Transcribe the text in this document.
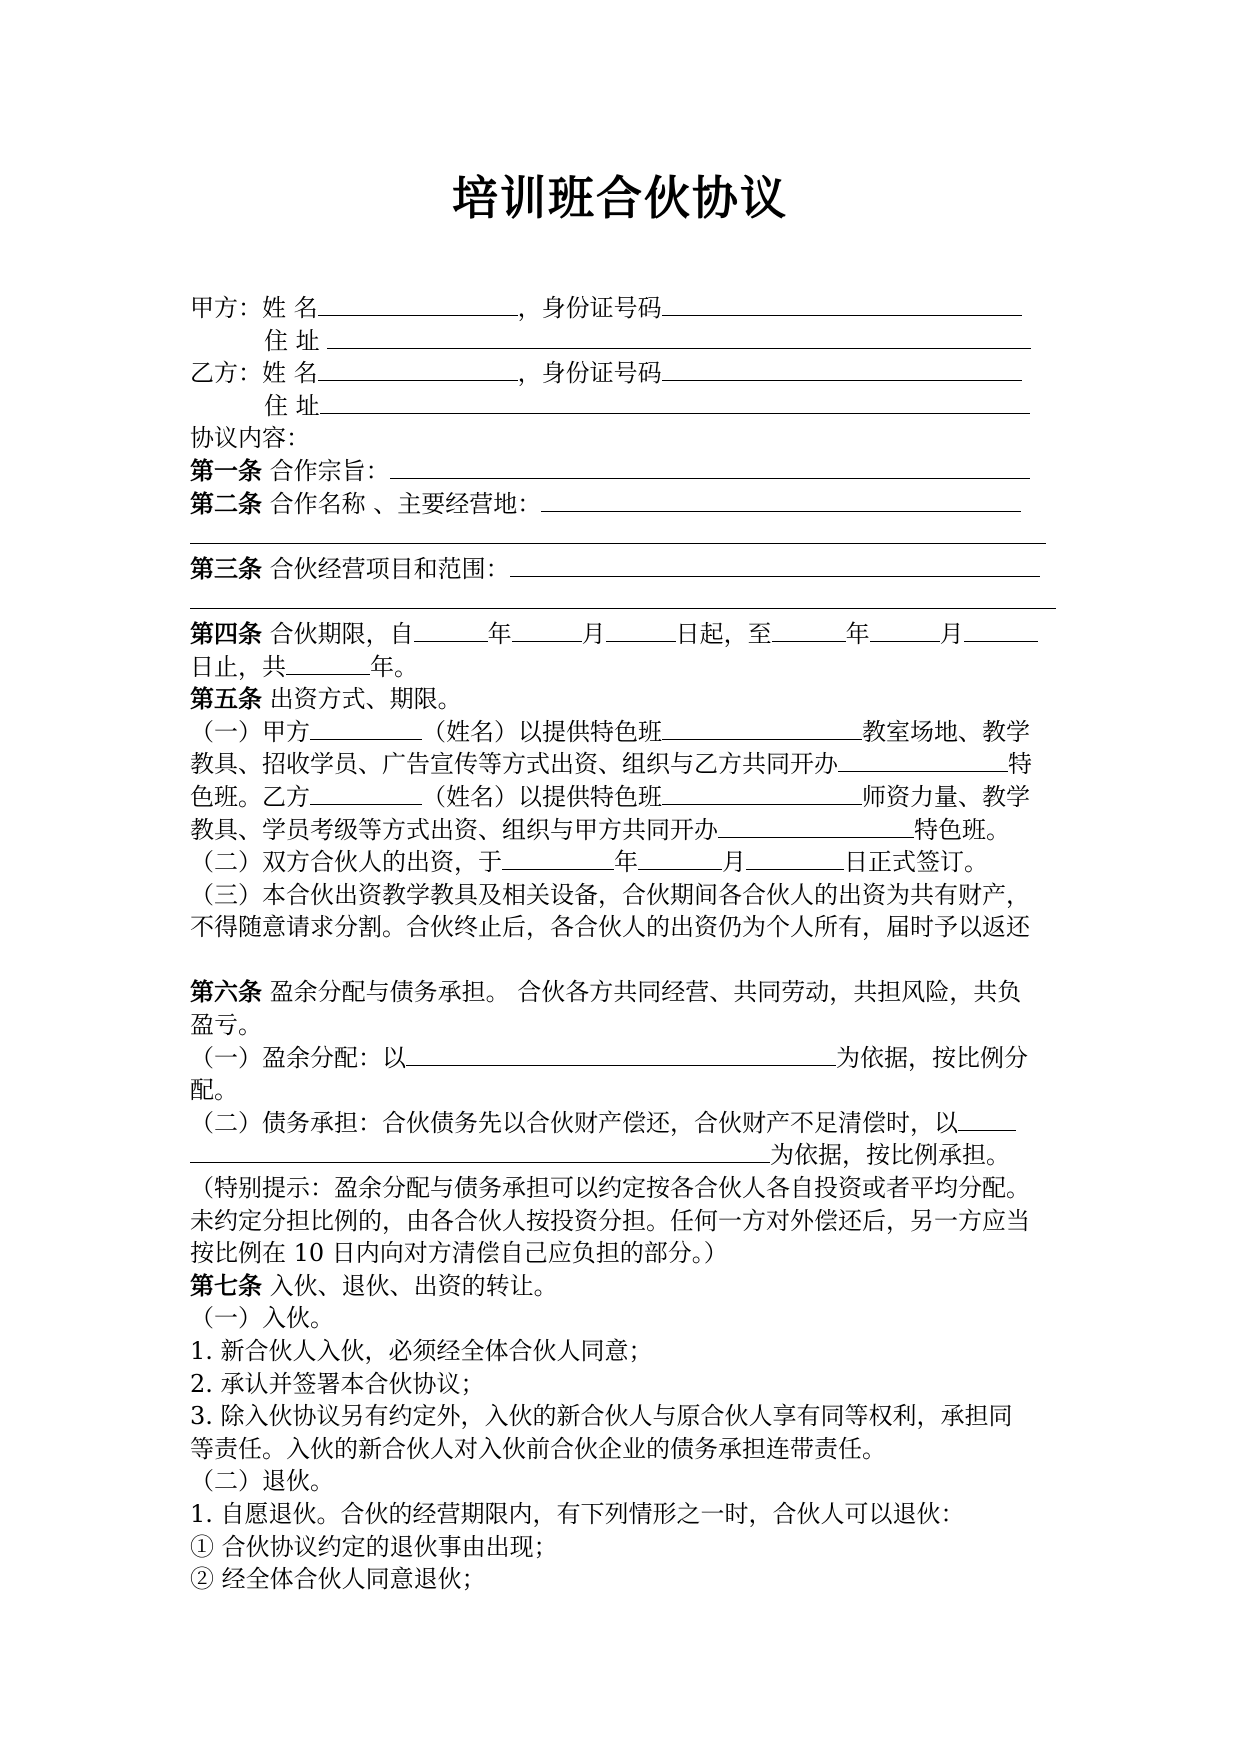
培训班合伙协议
甲方：姓 名	，身份证号码
住 址
乙方：姓 名	，身份证号码
住 址
协议内容：
第一条 合作宗旨：
第二条 合作名称 、主要经营地：
第三条 合伙经营项目和范围：
第四条 合伙期限，自	年	月	日起，至	年	月
日止，共	年。
第五条 出资方式、期限。
（一）甲方	（姓名）以提供特色班	教室场地、教学
教具、招收学员、广告宣传等方式出资、组织与乙方共同开办	特
色班。乙方	（姓名）以提供特色班	师资力量、教学
教具、学员考级等方式出资、组织与甲方共同开办	特色班。
（二）双方合伙人的出资，于	年	月	日正式签订。
（三）本合伙出资教学教具及相关设备，合伙期间各合伙人的出资为共有财产，
不得随意请求分割。合伙终止后，各合伙人的出资仍为个人所有，届时予以返还
第六条 盈余分配与债务承担。 合伙各方共同经营、共同劳动，共担风险，共负
盈亏。
（一）盈余分配：以	为依据，按比例分
配。
（二）债务承担：合伙债务先以合伙财产偿还，合伙财产不足清偿时，以
为依据，按比例承担。
（特别提示：盈余分配与债务承担可以约定按各合伙人各自投资或者平均分配。
未约定分担比例的，由各合伙人按投资分担。任何一方对外偿还后，另一方应当
按比例在 10 日内向对方清偿自己应负担的部分。）
第七条 入伙、退伙、出资的转让。
（一）入伙。
1. 新合伙人入伙，必须经全体合伙人同意；
2. 承认并签署本合伙协议；
3. 除入伙协议另有约定外，入伙的新合伙人与原合伙人享有同等权利，承担同
等责任。入伙的新合伙人对入伙前合伙企业的债务承担连带责任。
（二）退伙。
1. 自愿退伙。合伙的经营期限内，有下列情形之一时，合伙人可以退伙：
① 合伙协议约定的退伙事由出现；
② 经全体合伙人同意退伙；
